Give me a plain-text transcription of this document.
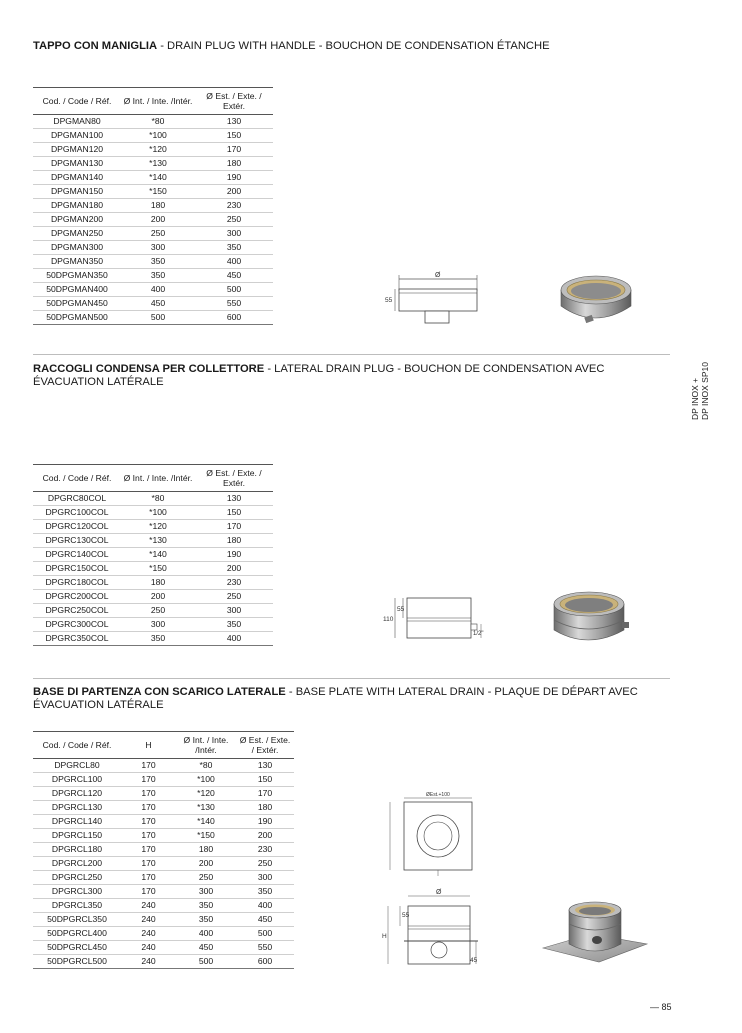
TAPPO CON MANIGLIA - DRAIN PLUG WITH HANDLE - BOUCHON DE CONDENSATION ÉTANCHE
Cod. / Code / Réf.	Ø Int. / Inte. /Intér.	Ø Est. / Exte. / Extér.
DPGMAN80	*80	130
DPGMAN100	*100	150
DPGMAN120	*120	170
DPGMAN130	*130	180
DPGMAN140	*140	190
DPGMAN150	*150	200
DPGMAN180	180	230
DPGMAN200	200	250
DPGMAN250	250	300
DPGMAN300	300	350
DPGMAN350	350	400
50DPGMAN350	350	450
50DPGMAN400	400	500
50DPGMAN450	450	550
50DPGMAN500	500	600
Ø
55
DP INOX + DP INOX SP10
RACCOGLI CONDENSA PER COLLETTORE - LATERAL DRAIN PLUG - BOUCHON DE CONDENSATION AVEC
ÉVACUATION LATÉRALE
Cod. / Code / Réf.	Ø Int. / Inte. /Intér.	Ø Est. / Exte. / Extér.
DPGRC80COL	*80	130
DPGRC100COL	*100	150
DPGRC120COL	*120	170
DPGRC130COL	*130	180
DPGRC140COL	*140	190
DPGRC150COL	*150	200
DPGRC180COL	180	230
DPGRC200COL	200	250
DPGRC250COL	250	300
DPGRC300COL	300	350
DPGRC350COL	350	400
55
110
1/2"
BASE DI PARTENZA CON SCARICO LATERALE - BASE PLATE WITH LATERAL DRAIN - PLAQUE DE DÉPART AVEC
ÉVACUATION LATÉRALE
Cod. / Code / Réf.	H	Ø Int. / Inte. /Intér.	Ø Est. / Exte. / Extér.
DPGRCL80	170	*80	130
DPGRCL100	170	*100	150
DPGRCL120	170	*120	170
DPGRCL130	170	*130	180
DPGRCL140	170	*140	190
DPGRCL150	170	*150	200
DPGRCL180	170	180	230
DPGRCL200	170	200	250
DPGRCL250	170	250	300
DPGRCL300	170	300	350
DPGRCL350	240	350	400
50DPGRCL350	240	350	450
50DPGRCL400	240	400	500
50DPGRCL450	240	450	550
50DPGRCL500	240	500	600
ØEst.+100
Ø
55
H
45
— 85
